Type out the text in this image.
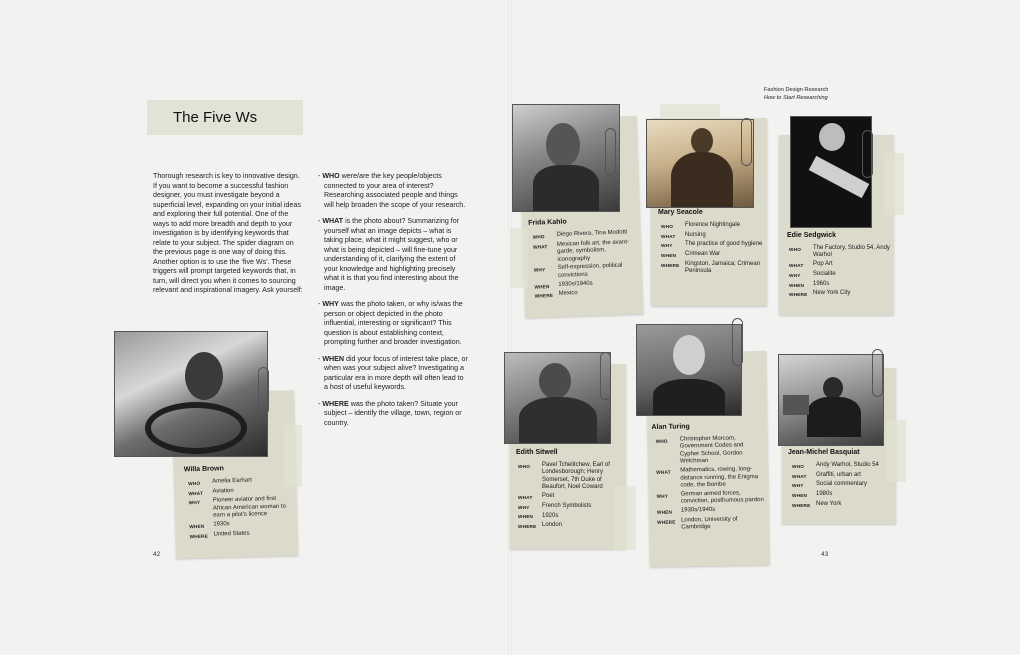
The Five Ws

Thorough research is key to innovative design. If you want to become a successful fashion designer, you must investigate beyond a superficial level, expanding on your initial ideas and exploring their full potential. One of the ways to add more breadth and depth to your investigation is by identifying keywords that relate to your subject. The spider diagram on the previous page is one way of doing this. Another option is to use the ‘five Ws’. These triggers will prompt targeted keywords that, in turn, will direct you when it comes to sourcing relevant and inspirational imagery. Ask yourself:

- WHO were/are the key people/objects connected to your area of interest? Researching associated people and things will help broaden the scope of your research.

- WHAT is the photo about? Summarizing for yourself what an image depicts – what is taking place, what it might suggest, who or what is being depicted – will fine-tune your understanding of it, clarifying the extent of your knowledge and highlighting precisely what it is that you find interesting about the image.

- WHY was the photo taken, or why is/was the person or object depicted in the photo influential, interesting or significant? This question is about establishing context, prompting further and broader investigation.

- WHEN did your focus of interest take place, or when was your subject alive? Investigating a particular era in more depth will often lead to a host of useful keywords.

- WHERE was the photo taken? Situate your subject – identify the village, town, region or country.

42
Willa Brown
WHO	Amelia Earhart
WHAT	Aviation
WHY	Pioneer aviator and first African American woman to earn a pilot's licence
WHEN	1930s
WHERE United States
Fashion Design Research
How to Start Researching
43
Frida Kahlo
WHO	Diego Rivera, Tina Modotti
WHAT	Mexican folk art, the avant-garde, symbolism, iconography
WHY	Self-expression, political convictions
WHEN	1930s/1940s
WHERE Mexico
Mary Seacole
WHO	Florence Nightingale
WHAT	Nursing
WHY	The practice of good hygiene
WHEN	Crimean War
WHERE Kingston, Jamaica; Crimean Peninsula
Edie Sedgwick
WHO	The Factory, Studio 54, Andy Warhol
WHAT	Pop Art
WHY	Socialite
WHEN	1960s
WHERE New York City
Edith Sitwell
WHO	Pavel Tchelitchew, Earl of Londesborough; Henry Somerset, 7th Duke of Beaufort, Noel Coward
WHAT	Poet
WHY	French Symbolists
WHEN	1920s
WHERE London
Alan Turing
WHO	Christopher Morcom, Government Codes and Cypher School, Gordon Welchman
WHAT	Mathematics, rowing, long-distance running, the Enigma code, the Bombe
WHY	German armed forces, conviction, posthumous pardon
WHEN	1930s/1940s
WHERE London, University of Cambridge
Jean-Michel Basquiat
WHO	Andy Warhol, Studio 54
WHAT	Graffiti, urban art
WHY	Social commentary
WHEN	1980s
WHERE New York
